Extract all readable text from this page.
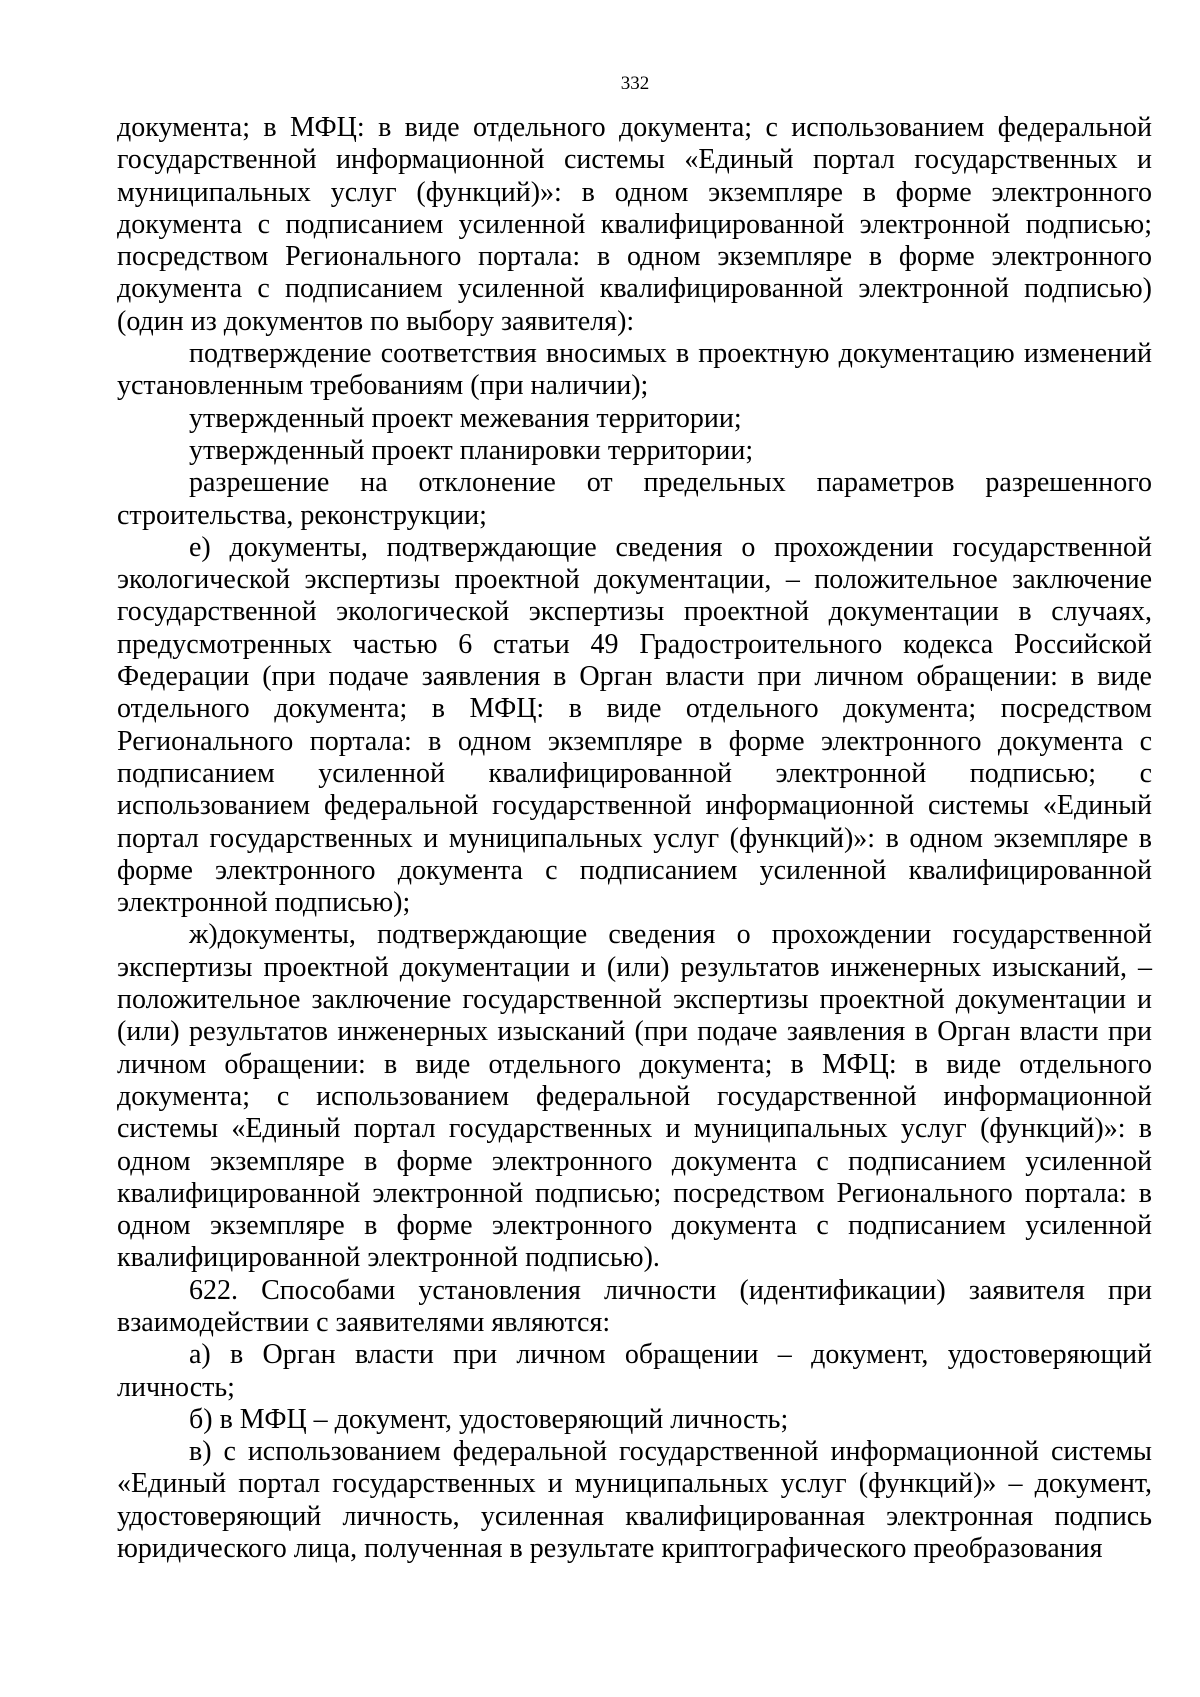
332

документа; в МФЦ: в виде отдельного документа; с использованием федеральной государственной информационной системы «Единый портал государственных и муниципальных услуг (функций)»: в одном экземпляре в форме электронного документа с подписанием усиленной квалифицированной электронной подписью; посредством Регионального портала: в одном экземпляре в форме электронного документа с подписанием усиленной квалифицированной электронной подписью) (один из документов по выбору заявителя):

подтверждение соответствия вносимых в проектную документацию изменений установленным требованиям (при наличии);

утвержденный проект межевания территории;

утвержденный проект планировки территории;

разрешение на отклонение от предельных параметров разрешенного строительства, реконструкции;

е) документы, подтверждающие сведения о прохождении государственной экологической экспертизы проектной документации, – положительное заключение государственной экологической экспертизы проектной документации в случаях, предусмотренных частью 6 статьи 49 Градостроительного кодекса Российской Федерации (при подаче заявления в Орган власти при личном обращении: в виде отдельного документа; в МФЦ: в виде отдельного документа; посредством Регионального портала: в одном экземпляре в форме электронного документа с подписанием усиленной квалифицированной электронной подписью; с использованием федеральной государственной информационной системы «Единый портал государственных и муниципальных услуг (функций)»: в одном экземпляре в форме электронного документа с подписанием усиленной квалифицированной электронной подписью);

ж)документы, подтверждающие сведения о прохождении государственной экспертизы проектной документации и (или) результатов инженерных изысканий, – положительное заключение государственной экспертизы проектной документации и (или) результатов инженерных изысканий (при подаче заявления в Орган власти при личном обращении: в виде отдельного документа; в МФЦ: в виде отдельного документа; с использованием федеральной государственной информационной системы «Единый портал государственных и муниципальных услуг (функций)»: в одном экземпляре в форме электронного документа с подписанием усиленной квалифицированной электронной подписью; посредством Регионального портала: в одном экземпляре в форме электронного документа с подписанием усиленной квалифицированной электронной подписью).

622. Способами установления личности (идентификации) заявителя при взаимодействии с заявителями являются:

а) в Орган власти при личном обращении – документ, удостоверяющий личность;

б) в МФЦ – документ, удостоверяющий личность;

в) с использованием федеральной государственной информационной системы «Единый портал государственных и муниципальных услуг (функций)» – документ, удостоверяющий личность, усиленная квалифицированная электронная подпись юридического лица, полученная в результате криптографического преобразования
